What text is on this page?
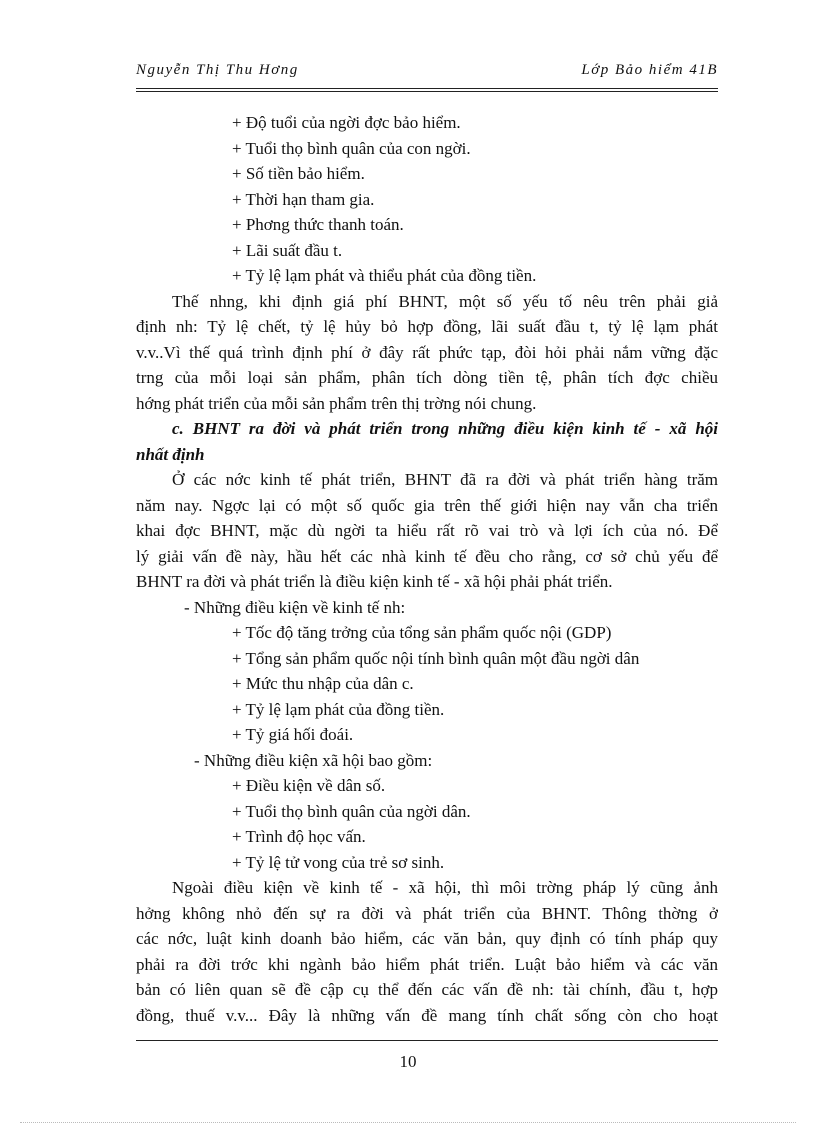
Nguyễn Thị Thu Hơng	Lớp Bảo hiểm 41B
+ Độ tuổi của ngời đợc bảo hiểm.
+ Tuổi thọ bình quân của con ngời.
+ Số tiền bảo hiểm.
+ Thời hạn tham gia.
+ Phơng thức thanh toán.
+ Lãi suất đầu t.
+ Tỷ lệ lạm phát và thiểu phát của đồng tiền.
Thế nhng, khi định giá phí BHNT, một số yếu tố nêu trên phải giả
định nh: Tỷ lệ chết, tỷ lệ hủy bỏ hợp đồng, lãi suất đầu t, tỷ lệ lạm phát
v.v..Vì thế quá trình định phí ở đây rất phức tạp, đòi hỏi phải nắm vững đặc
trng của mỗi loại sản phẩm, phân tích dòng tiền tệ, phân tích đợc chiều
hớng phát triển của mỗi sản phẩm trên thị trờng nói chung.
c. BHNT ra đời và phát triển trong những điều kiện kinh tế - xã hội
nhất định
Ở các nớc kinh tế phát triển, BHNT đã ra đời và phát triển hàng trăm
năm nay. Ngợc lại có một số quốc gia trên thế giới hiện nay vẫn cha triển
khai đợc BHNT, mặc dù ngời ta hiểu rất rõ vai trò và lợi ích của nó. Để
lý giải vấn đề này, hầu hết các nhà kinh tế đều cho rằng, cơ sở chủ yếu để
BHNT ra đời và phát triển là điều kiện kinh tế - xã hội phải phát triển.
- Những điều kiện về kinh tế nh:
+ Tốc độ tăng trởng của tổng sản phẩm quốc nội (GDP)
+ Tổng sản phẩm quốc nội tính bình quân một đầu ngời dân
+ Mức thu nhập của dân c.
+ Tỷ lệ lạm phát của đồng tiền.
+ Tỷ giá hối đoái.
- Những điều kiện xã hội bao gồm:
+ Điều kiện về dân số.
+ Tuổi thọ bình quân của ngời dân.
+ Trình độ học vấn.
+ Tỷ lệ tử vong của trẻ sơ sinh.
Ngoài điều kiện về kinh tế - xã hội, thì môi trờng pháp lý cũng ảnh
hởng không nhỏ đến sự ra đời và phát triển của BHNT. Thông thờng ở
các nớc, luật kinh doanh bảo hiểm, các văn bản, quy định có tính pháp quy
phải ra đời trớc khi ngành bảo hiểm phát triển. Luật bảo hiểm và các văn
bản có liên quan sẽ đề cập cụ thể đến các vấn đề nh: tài chính, đầu t, hợp
đồng, thuế v.v... Đây là những vấn đề mang tính chất sống còn cho hoạt
10
